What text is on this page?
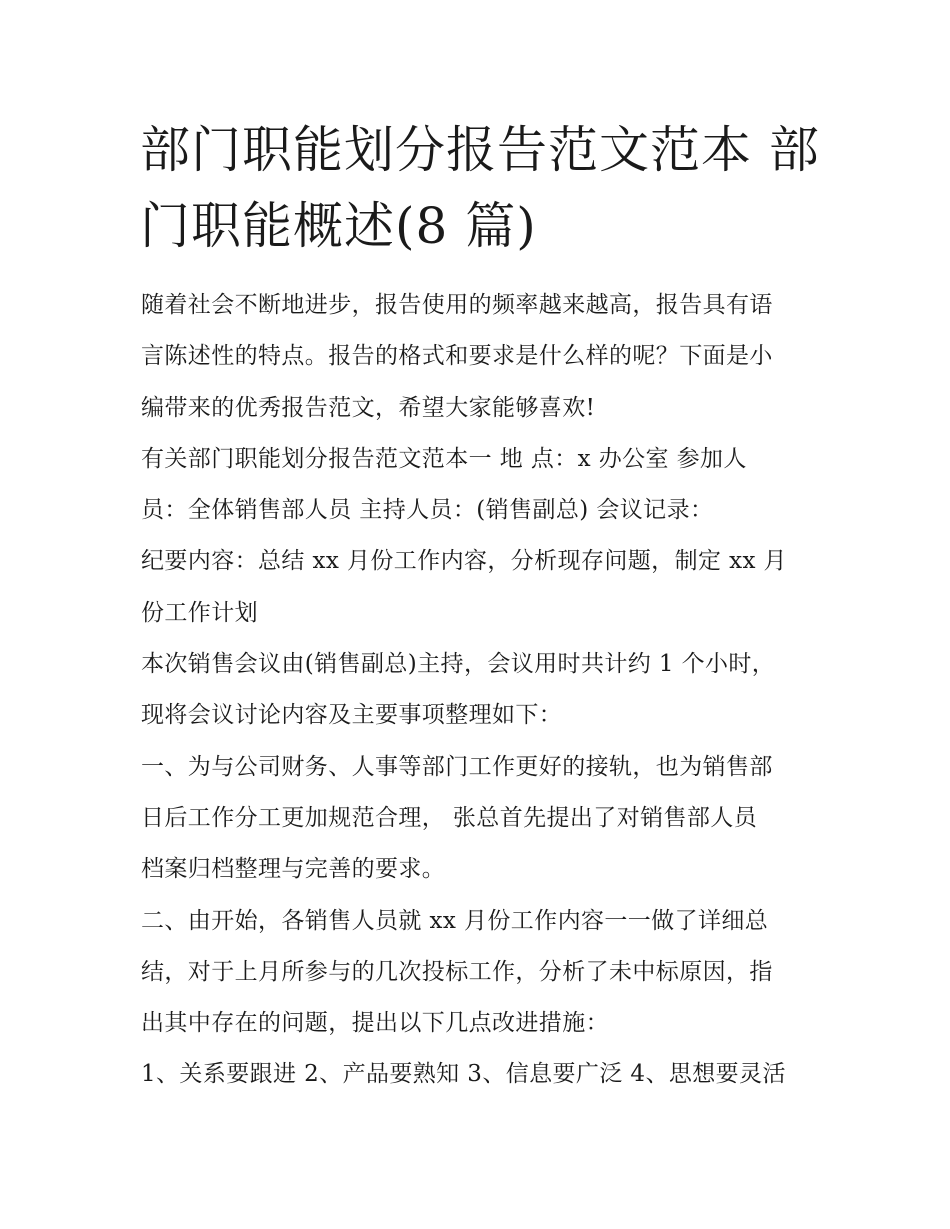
部门职能划分报告范文范本 部
门职能概述(8 篇)
随着社会不断地进步，报告使用的频率越来越高，报告具有语
言陈述性的特点。报告的格式和要求是什么样的呢？下面是小
编带来的优秀报告范文，希望大家能够喜欢!
有关部门职能划分报告范文范本一 地 点：x 办公室 参加人
员：全体销售部人员 主持人员：(销售副总) 会议记录：
纪要内容：总结 xx 月份工作内容，分析现存问题，制定 xx 月
份工作计划
本次销售会议由(销售副总)主持，会议用时共计约 1 个小时，
现将会议讨论内容及主要事项整理如下：
一、为与公司财务、人事等部门工作更好的接轨，也为销售部
日后工作分工更加规范合理， 张总首先提出了对销售部人员
档案归档整理与完善的要求。
二、由开始，各销售人员就 xx 月份工作内容一一做了详细总
结，对于上月所参与的几次投标工作，分析了未中标原因，指
出其中存在的问题，提出以下几点改进措施：
1、关系要跟进 2、产品要熟知 3、信息要广泛 4、思想要灵活
